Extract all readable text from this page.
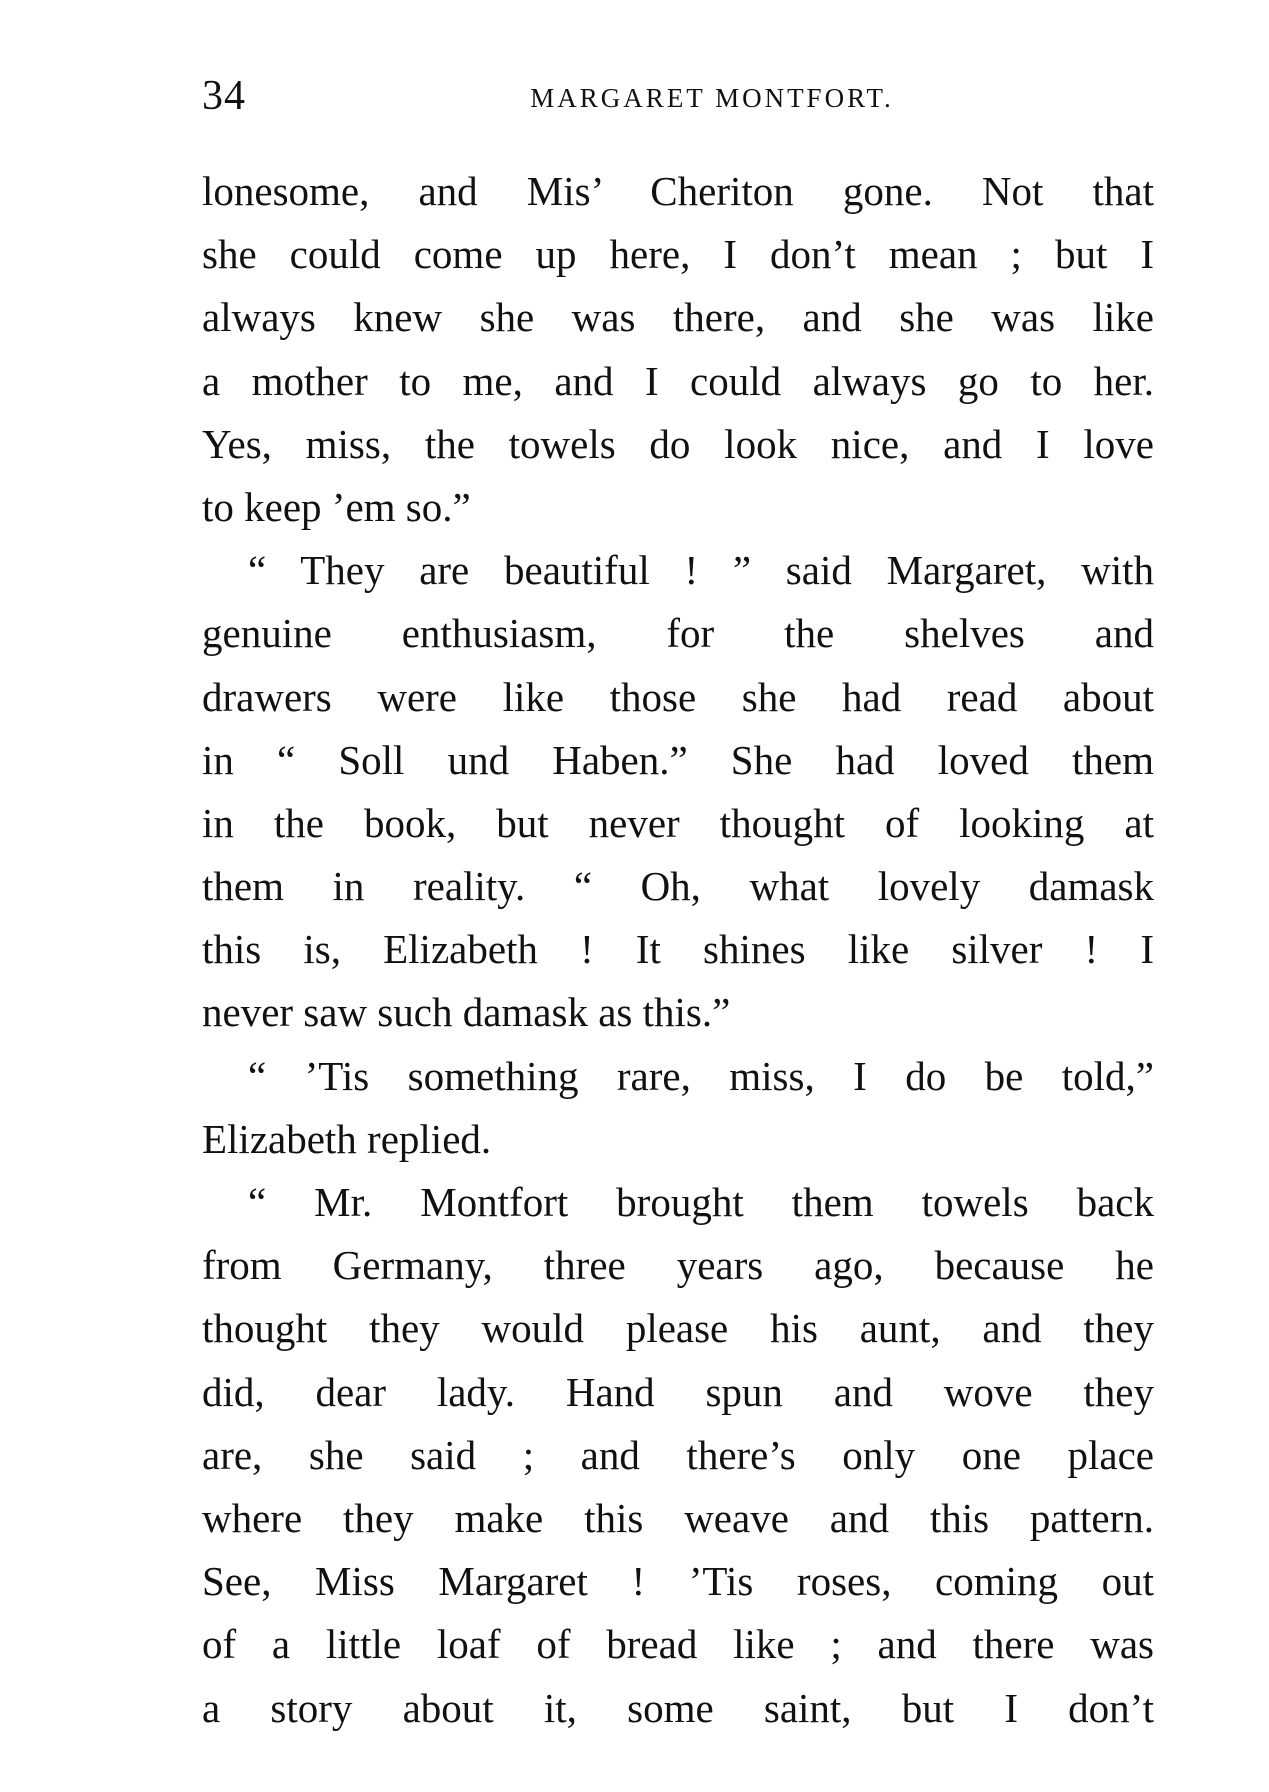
34	MARGARET MONTFORT.
lonesome, and Mis’ Cheriton gone. Not that
she could come up here, I don’t mean ; but I
always knew she was there, and she was like
a mother to me, and I could always go to her.
Yes, miss, the towels do look nice, and I love
to keep ’em so.”
“ They are beautiful ! ” said Margaret, with
genuine enthusiasm, for the shelves and
drawers were like those she had read about
in “ Soll und Haben.” She had loved them
in the book, but never thought of looking at
them in reality. “ Oh, what lovely damask
this is, Elizabeth ! It shines like silver ! I
never saw such damask as this.”
“ ’Tis something rare, miss, I do be told,”
Elizabeth replied.
“ Mr. Montfort brought them towels back
from Germany, three years ago, because he
thought they would please his aunt, and they
did, dear lady. Hand spun and wove they
are, she said ; and there’s only one place
where they make this weave and this pattern.
See, Miss Margaret ! ’Tis roses, coming out
of a little loaf of bread like ; and there was
a story about it, some saint, but I don’t
